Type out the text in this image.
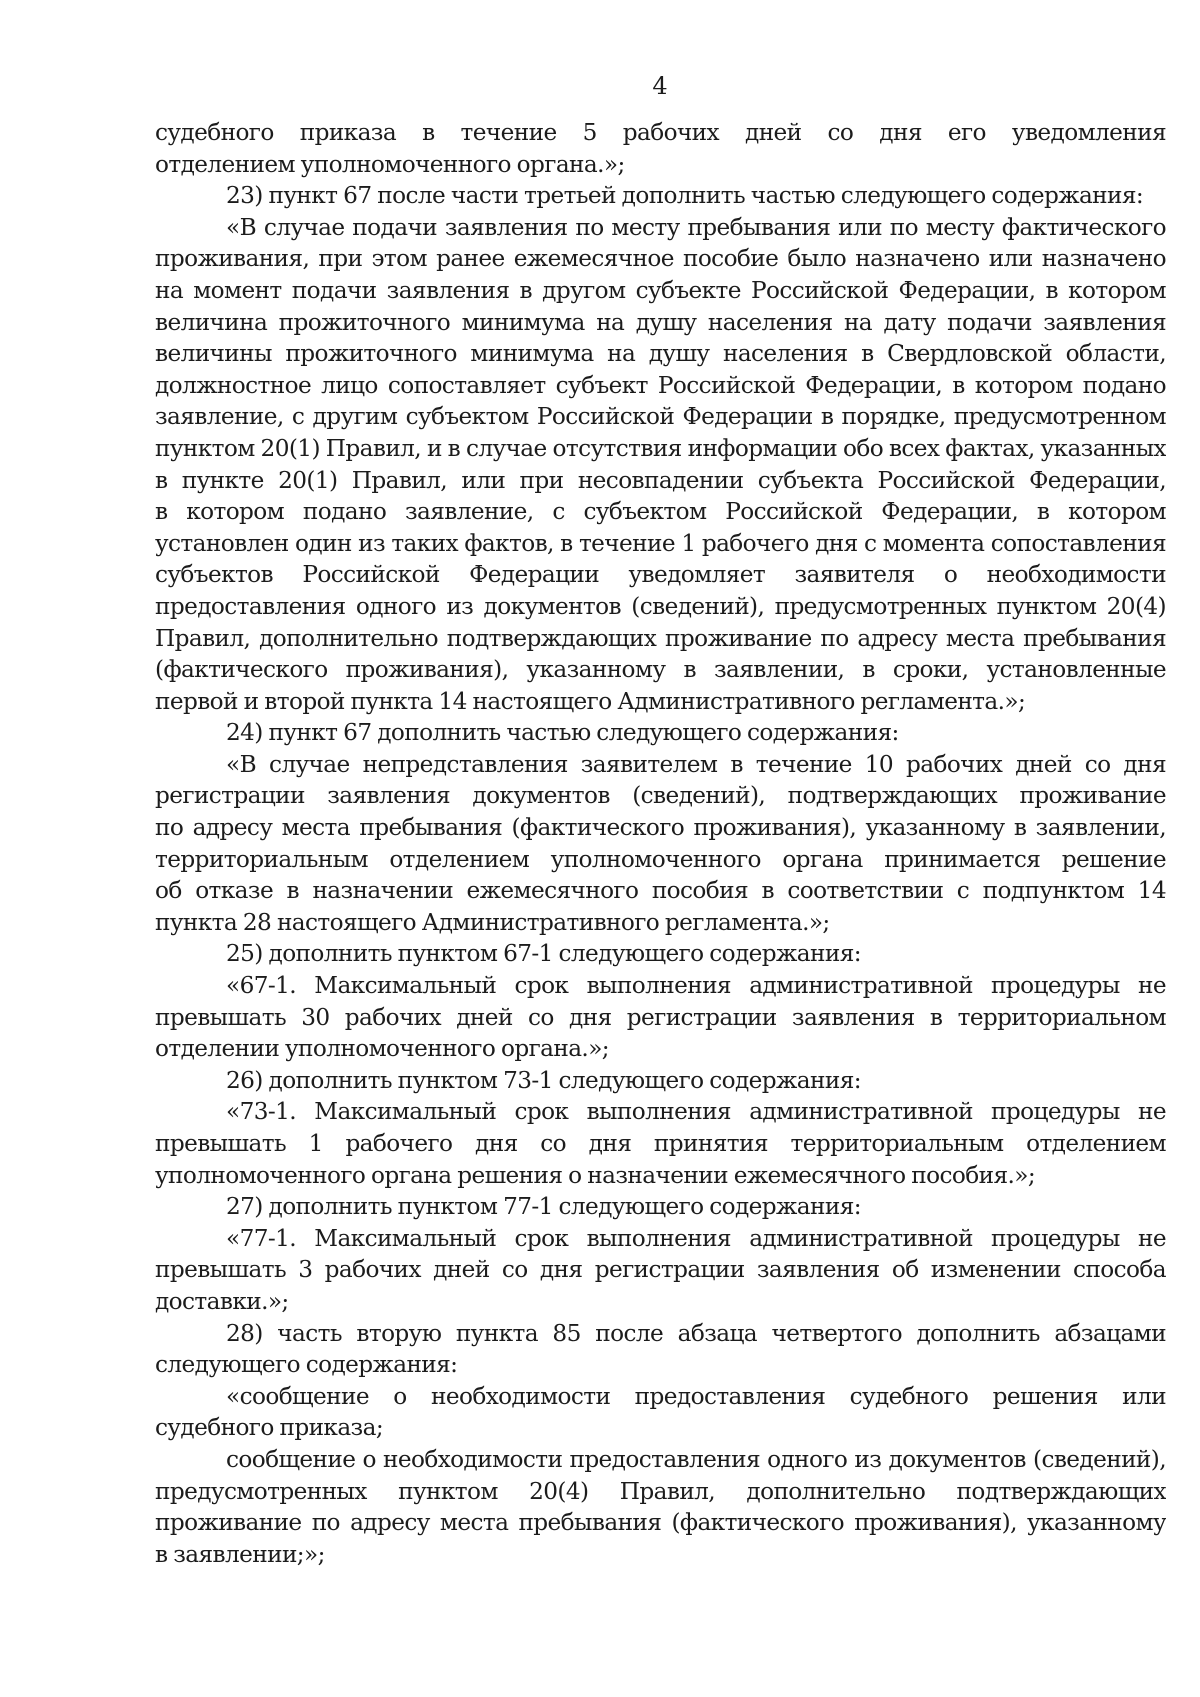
4
судебного приказа в течение 5 рабочих дней со дня его уведомления
отделением уполномоченного органа.»;
23) пункт 67 после части третьей дополнить частью следующего содержания:
«В случае подачи заявления по месту пребывания или по месту фактического
проживания, при этом ранее ежемесячное пособие было назначено или назначено
на момент подачи заявления в другом субъекте Российской Федерации, в котором
величина прожиточного минимума на душу населения на дату подачи заявления
величины прожиточного минимума на душу населения в Свердловской области,
должностное лицо сопоставляет субъект Российской Федерации, в котором подано
заявление, с другим субъектом Российской Федерации в порядке, предусмотренном
пунктом 20(1) Правил, и в случае отсутствия информации обо всех фактах, указанных
в пункте 20(1) Правил, или при несовпадении субъекта Российской Федерации,
в котором подано заявление, с субъектом Российской Федерации, в котором
установлен один из таких фактов, в течение 1 рабочего дня с момента сопоставления
субъектов Российской Федерации уведомляет заявителя о необходимости
предоставления одного из документов (сведений), предусмотренных пунктом 20(4)
Правил, дополнительно подтверждающих проживание по адресу места пребывания
(фактического проживания), указанному в заявлении, в сроки, установленные
первой и второй пункта 14 настоящего Административного регламента.»;
24) пункт 67 дополнить частью следующего содержания:
«В случае непредставления заявителем в течение 10 рабочих дней со дня
регистрации заявления документов (сведений), подтверждающих проживание
по адресу места пребывания (фактического проживания), указанному в заявлении,
территориальным отделением уполномоченного органа принимается решение
об отказе в назначении ежемесячного пособия в соответствии с подпунктом 14
пункта 28 настоящего Административного регламента.»;
25) дополнить пунктом 67-1 следующего содержания:
«67-1. Максимальный срок выполнения административной процедуры не
превышать 30 рабочих дней со дня регистрации заявления в территориальном
отделении уполномоченного органа.»;
26) дополнить пунктом 73-1 следующего содержания:
«73-1. Максимальный срок выполнения административной процедуры не
превышать 1 рабочего дня со дня принятия территориальным отделением
уполномоченного органа решения о назначении ежемесячного пособия.»;
27) дополнить пунктом 77-1 следующего содержания:
«77-1. Максимальный срок выполнения административной процедуры не
превышать 3 рабочих дней со дня регистрации заявления об изменении способа
доставки.»;
28) часть вторую пункта 85 после абзаца четвертого дополнить абзацами
следующего содержания:
«сообщение о необходимости предоставления судебного решения или
судебного приказа;
сообщение о необходимости предоставления одного из документов (сведений),
предусмотренных пунктом 20(4) Правил, дополнительно подтверждающих
проживание по адресу места пребывания (фактического проживания), указанному
в заявлении;»;
